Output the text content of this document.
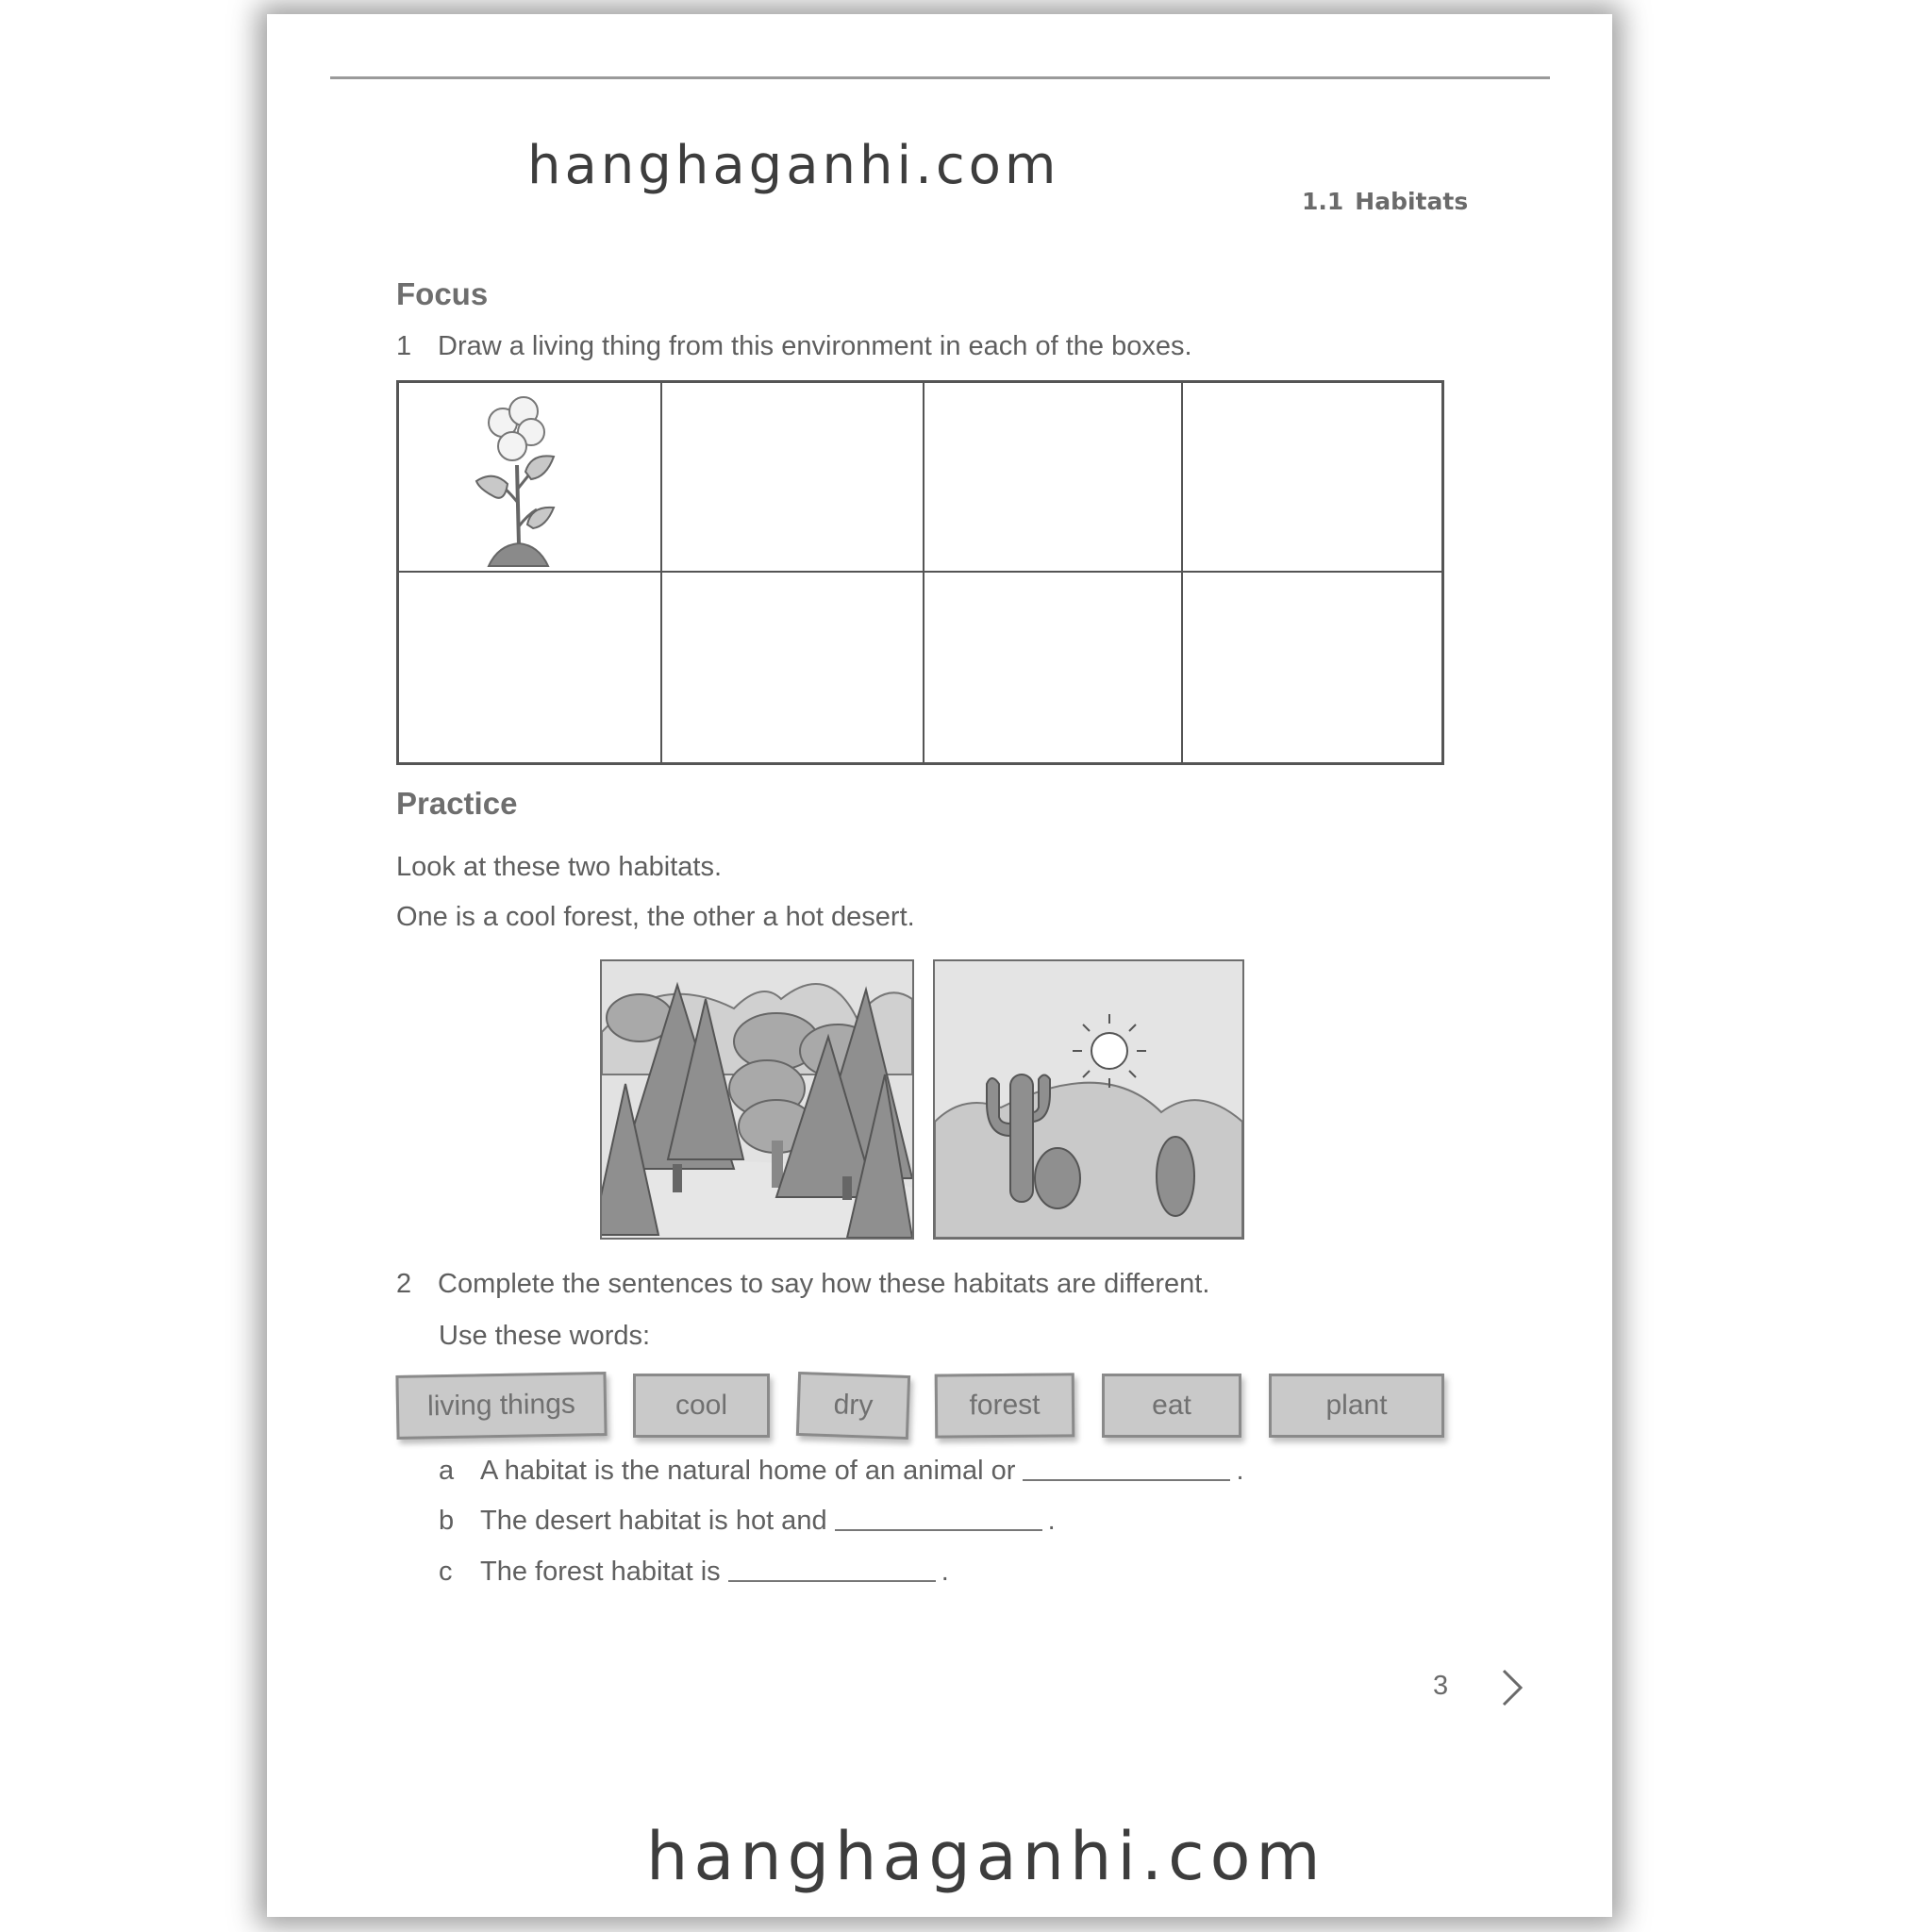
hanghaganhi.com
1.1 Habitats
Focus
1 Draw a living thing from this environment in each of the boxes.
Practice
Look at these two habitats.
One is a cool forest, the other a hot desert.
2 Complete the sentences to say how these habitats are different.
Use these words:
living things	cool	dry	forest	eat	plant
a A habitat is the natural home of an animal or	.
b The desert habitat is hot and	.
c The forest habitat is	.
3
hanghaganhi.com
